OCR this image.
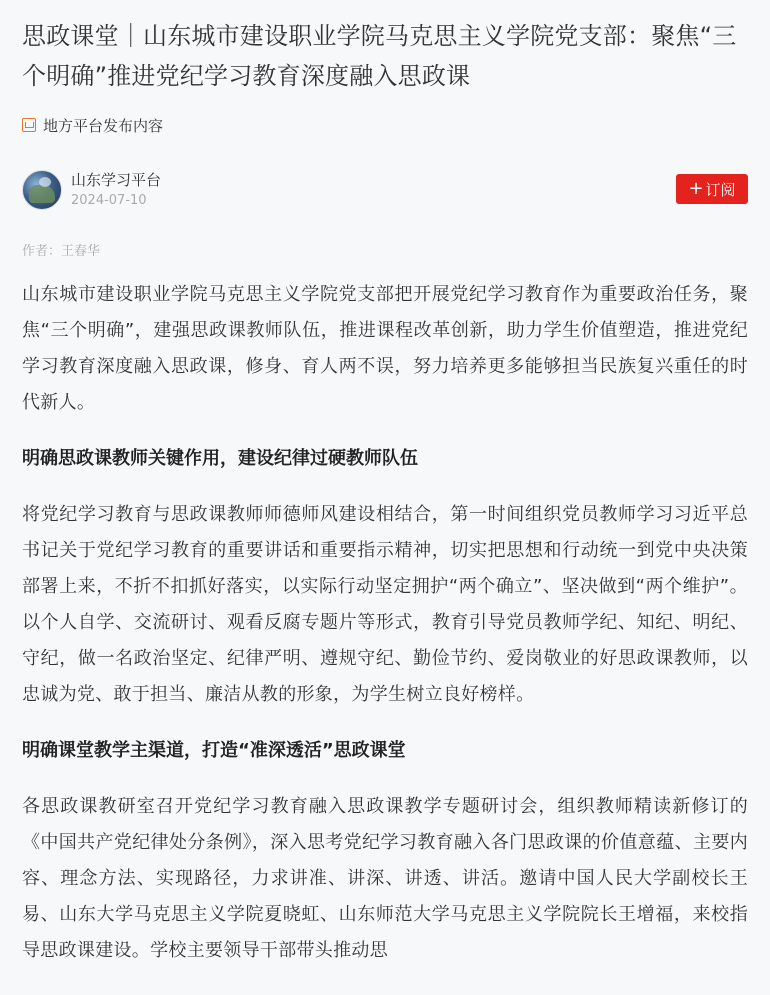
思政课堂｜山东城市建设职业学院马克思主义学院党支部：聚焦“三个明确”推进党纪学习教育深度融入思政课
地方平台发布内容
山东学习平台
2024-07-10
+ 订阅
作者：王春华

山东城市建设职业学院马克思主义学院党支部把开展党纪学习教育作为重要政治任务，聚焦“三个明确”，建强思政课教师队伍，推进课程改革创新，助力学生价值塑造，推进党纪学习教育深度融入思政课，修身、育人两不误，努力培养更多能够担当民族复兴重任的时代新人。

明确思政课教师关键作用，建设纪律过硬教师队伍

将党纪学习教育与思政课教师师德师风建设相结合，第一时间组织党员教师学习习近平总书记关于党纪学习教育的重要讲话和重要指示精神，切实把思想和行动统一到党中央决策部署上来，不折不扣抓好落实，以实际行动坚定拥护“两个确立”、坚决做到“两个维护”。以个人自学、交流研讨、观看反腐专题片等形式，教育引导党员教师学纪、知纪、明纪、守纪，做一名政治坚定、纪律严明、遵规守纪、勤俭节约、爱岗敬业的好思政课教师，以忠诚为党、敢于担当、廉洁从教的形象，为学生树立良好榜样。

明确课堂教学主渠道，打造“准深透活”思政课堂

各思政课教研室召开党纪学习教育融入思政课教学专题研讨会，组织教师精读新修订的《中国共产党纪律处分条例》，深入思考党纪学习教育融入各门思政课的价值意蕴、主要内容、理念方法、实现路径，力求讲准、讲深、讲透、讲活。邀请中国人民大学副校长王易、山东大学马克思主义学院夏晓虹、山东师范大学马克思主义学院院长王增福，来校指导思政课建设。学校主要领导干部带头推动思
